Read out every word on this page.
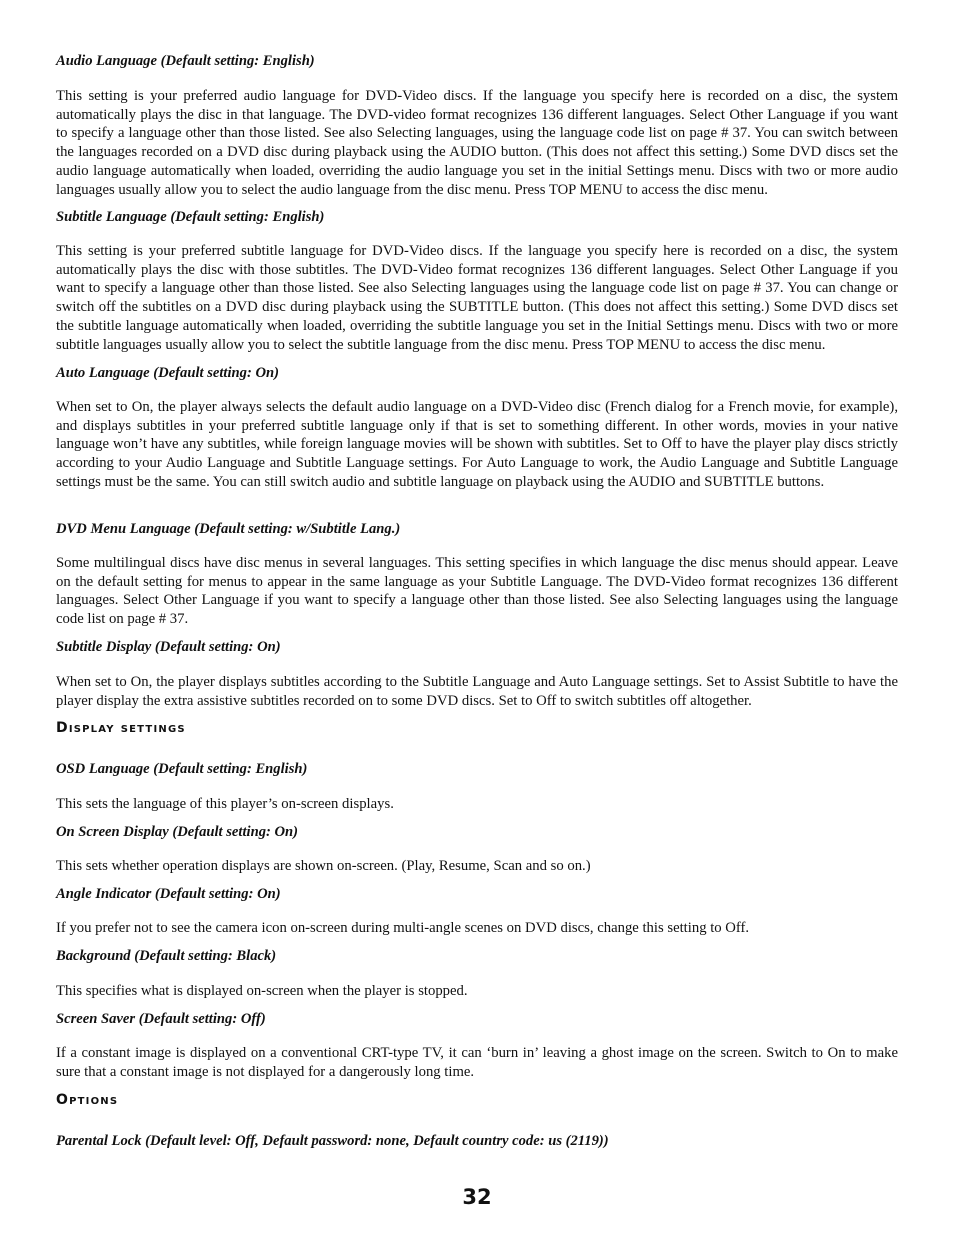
Audio Language (Default setting: English)

This setting is your preferred audio language for DVD-Video discs. If the language you specify here is recorded on a disc, the system automatically plays the disc in that language. The DVD-video format recognizes 136 different languages. Select Other Language if you want to specify a language other than those listed. See also Selecting languages, using the language code list on page # 37. You can switch between the languages recorded on a DVD disc during playback using the AUDIO button. (This does not affect this setting.) Some DVD discs set the audio language automatically when loaded, overriding the audio language you set in the initial Settings menu. Discs with two or more audio languages usually allow you to select the audio language from the disc menu. Press TOP MENU to access the disc menu.

Subtitle Language (Default setting: English)

This setting is your preferred subtitle language for DVD-Video discs. If the language you specify here is recorded on a disc, the system automatically plays the disc with those subtitles. The DVD-Video format recognizes 136 different languages. Select Other Language if you want to specify a language other than those listed. See also Selecting languages using the language code list on page # 37. You can change or switch off the subtitles on a DVD disc during playback using the SUBTITLE button. (This does not affect this setting.) Some DVD discs set the subtitle language automatically when loaded, overriding the subtitle language you set in the Initial Settings menu. Discs with two or more subtitle languages usually allow you to select the subtitle language from the disc menu. Press TOP MENU to access the disc menu.

Auto Language (Default setting: On)

When set to On, the player always selects the default audio language on a DVD-Video disc (French dialog for a French movie, for example), and displays subtitles in your preferred subtitle language only if that is set to something different. In other words, movies in your native language won’t have any subtitles, while foreign language movies will be shown with subtitles. Set to Off to have the player play discs strictly according to your Audio Language and Subtitle Language settings. For Auto Language to work, the Audio Language and Subtitle Language settings must be the same. You can still switch audio and subtitle language on playback using the AUDIO and SUBTITLE buttons.

DVD Menu Language (Default setting: w/Subtitle Lang.)

Some multilingual discs have disc menus in several languages. This setting specifies in which language the disc menus should appear. Leave on the default setting for menus to appear in the same language as your Subtitle Language. The DVD-Video format recognizes 136 different languages. Select Other Language if you want to specify a language other than those listed. See also Selecting languages using the language code list on page # 37.

Subtitle Display (Default setting: On)

When set to On, the player displays subtitles according to the Subtitle Language and Auto Language settings. Set to Assist Subtitle to have the player display the extra assistive subtitles recorded on to some DVD discs. Set to Off to switch subtitles off altogether.

Display settings
OSD Language (Default setting: English)

This sets the language of this player’s on-screen displays.

On Screen Display (Default setting: On)

This sets whether operation displays are shown on-screen. (Play, Resume, Scan and so on.)

Angle Indicator (Default setting: On)

If you prefer not to see the camera icon on-screen during multi-angle scenes on DVD discs, change this setting to Off.

Background (Default setting: Black)

This specifies what is displayed on-screen when the player is stopped.

Screen Saver (Default setting: Off)

If a constant image is displayed on a conventional CRT-type TV, it can ‘burn in’ leaving a ghost image on the screen. Switch to On to make sure that a constant image is not displayed for a dangerously long time.

Options
Parental Lock (Default level: Off, Default password: none, Default country code: us (2119))
32
